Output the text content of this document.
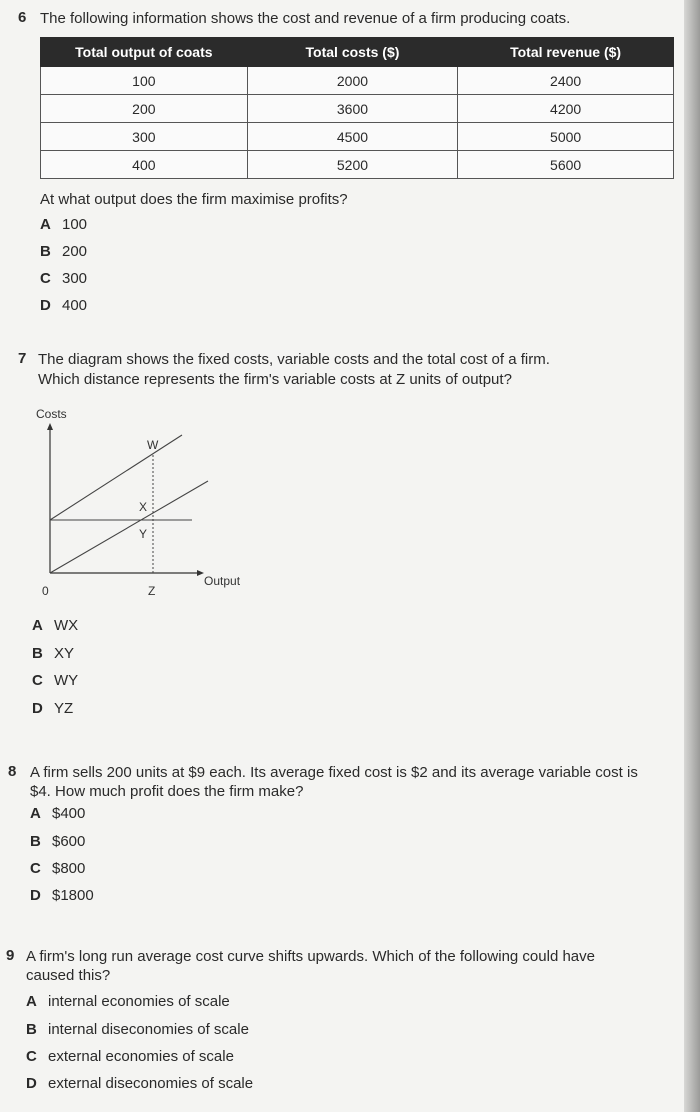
6 The following information shows the cost and revenue of a firm producing coats.
Total output of coats	Total costs ($)	Total revenue ($)
100	2000	2400
200	3600	4200
300	4500	5000
400	5200	5600
At what output does the firm maximise profits?
A 100
B 200
C 300
D 400
7 The diagram shows the fixed costs, variable costs and the total cost of a firm.
Which distance represents the firm's variable costs at Z units of output?
Costs
Output
0
W
X
Y
Z
A WX
B XY
C WY
D YZ
8 A firm sells 200 units at $9 each. Its average fixed cost is $2 and its average variable cost is
$4. How much profit does the firm make?
A $400
B $600
C $800
D $1800
9 A firm's long run average cost curve shifts upwards. Which of the following could have
caused this?
A internal economies of scale
B internal diseconomies of scale
C external economies of scale
D external diseconomies of scale
